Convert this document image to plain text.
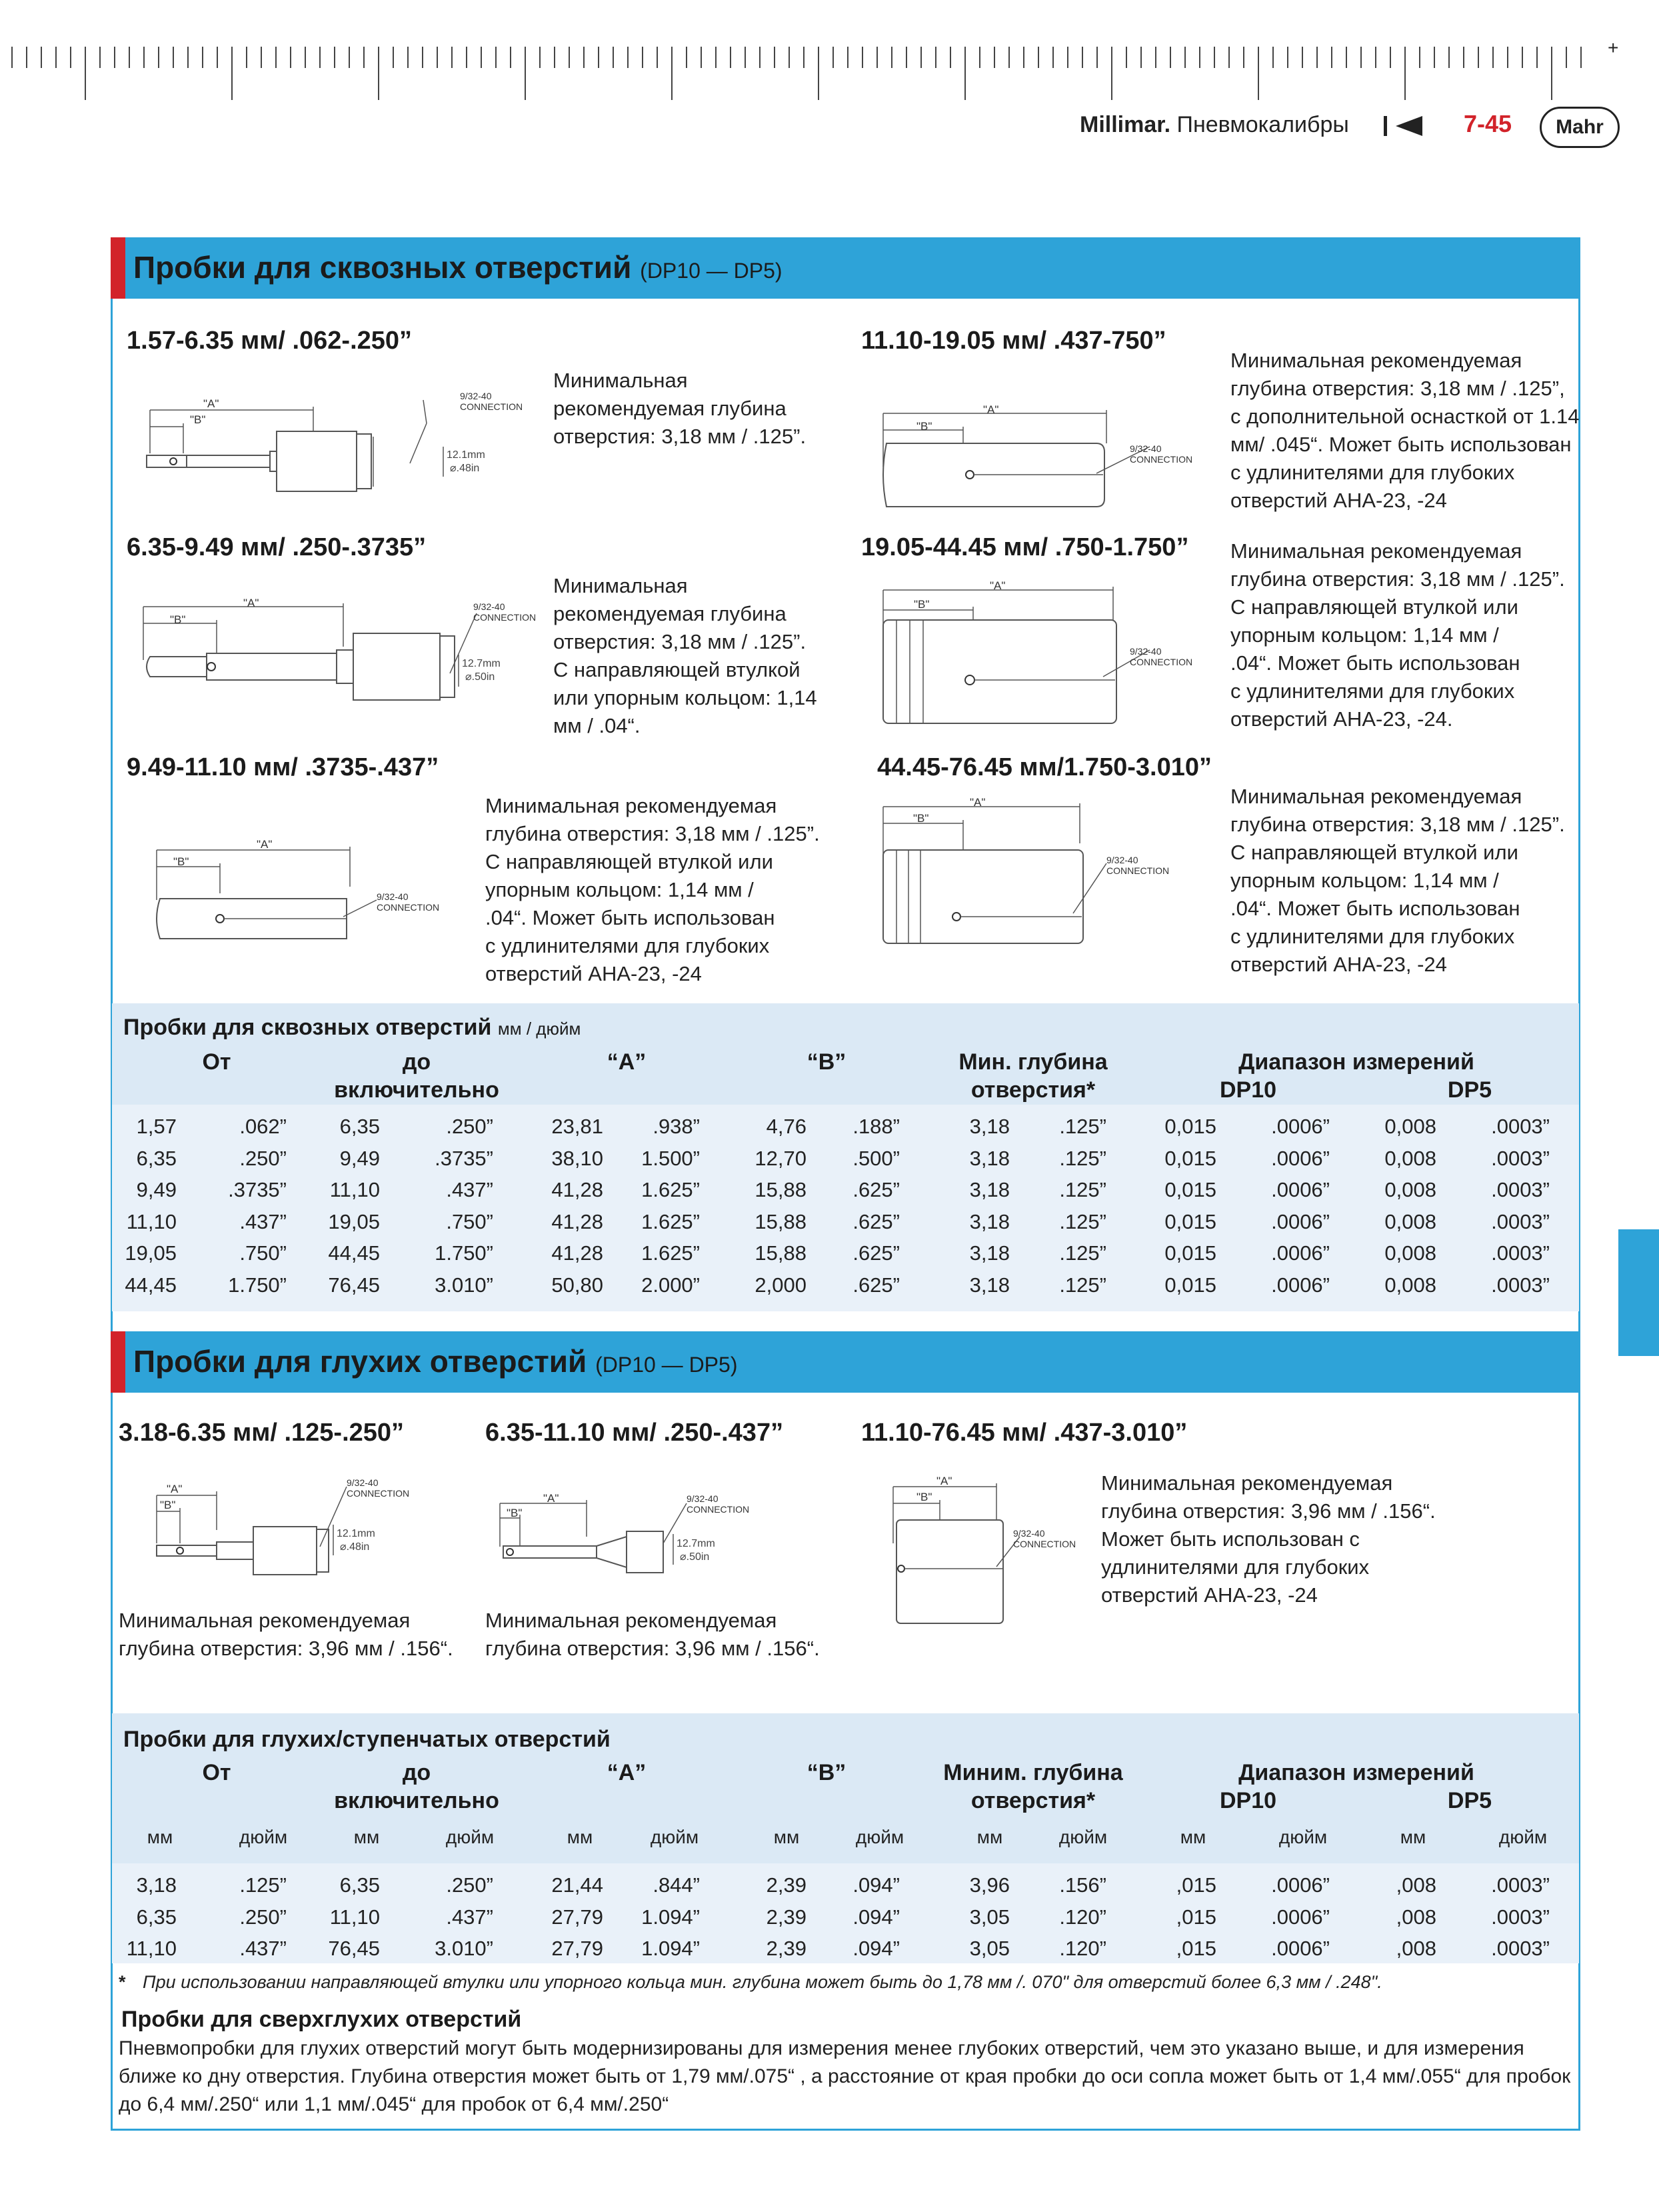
+
Millimar. Пневмокалибры	7-45	Mahr
Пробки для сквозных отверстий (DP10 — DP5)
1.57-6.35 мм/ .062-.250”
Минимальная
рекомендуемая глубина
отверстия: 3,18 мм / .125”.
11.10-19.05 мм/ .437-750”
Минимальная рекомендуемая
глубина отверстия: 3,18 мм / .125”,
с дополнительной оснасткой от 1.14
мм/ .045“. Может быть использован
с удлинителями для глубоких
отверстий АНА-23, -24
6.35-9.49 мм/ .250-.3735”
Минимальная
рекомендуемая глубина
отверстия: 3,18 мм / .125”.
С направляющей втулкой
или упорным кольцом: 1,14
мм / .04“.
19.05-44.45 мм/ .750-1.750” Минимальная рекомендуемая
глубина отверстия: 3,18 мм / .125”.
С направляющей втулкой или
упорным кольцом: 1,14 мм /
.04“. Может быть использован
с удлинителями для глубоких
отверстий АНА-23, -24.
9.49-11.10 мм/ .3735-.437”
Минимальная рекомендуемая
глубина отверстия: 3,18 мм / .125”.
С направляющей втулкой или
упорным кольцом: 1,14 мм /
.04“. Может быть использован
с удлинителями для глубоких
отверстий АНА-23, -24
44.45-76.45 мм/1.750-3.010”
Минимальная рекомендуемая
глубина отверстия: 3,18 мм / .125”.
С направляющей втулкой или
упорным кольцом: 1,14 мм /
.04“. Может быть использован
с удлинителями для глубоких
отверстий АНА-23, -24
"A"
"B"
9/32-40
CONNECTION
12.1mm
⌀.48in
"A"
"B"
9/32-40
CONNECTION
"A"
"B"
9/32-40
CONNECTION
12.7mm
⌀.50in
"A"
"B"
9/32-40
CONNECTION
"A"
"B"
9/32-40
CONNECTION
"A"
"B"
9/32-40
CONNECTION
Пробки для сквозных отверстий мм / дюйм
От	до
включительно
“A”	“B”	Мин. глубина
отверстия*
Диапазон измерений
DP10	DP5
1,57	.062”	6,35	.250”	23,81	.938”	4,76	.188”	3,18	.125”	0,015	.0006”	0,008	.0003”
6,35	.250”	9,49	.3735”	38,10	1.500”	12,70	.500”	3,18	.125”	0,015	.0006”	0,008	.0003”
9,49	.3735”	11,10	.437”	41,28	1.625”	15,88	.625”	3,18	.125”	0,015	.0006”	0,008	.0003”
11,10	.437”	19,05	.750”	41,28	1.625”	15,88	.625”	3,18	.125”	0,015	.0006”	0,008	.0003”
19,05	.750”	44,45	1.750”	41,28	1.625”	15,88	.625”	3,18	.125”	0,015	.0006”	0,008	.0003”
44,45	1.750”	76,45	3.010”	50,80	2.000”	2,000	.625”	3,18	.125”	0,015	.0006”	0,008	.0003”
Пробки для глухих отверстий (DP10 — DP5)
3.18-6.35 мм/ .125-.250”
Минимальная рекомендуемая
глубина отверстия: 3,96 мм / .156“.
6.35-11.10 мм/ .250-.437”
Минимальная рекомендуемая
глубина отверстия: 3,96 мм / .156“.
11.10-76.45 мм/ .437-3.010”
Минимальная рекомендуемая
глубина отверстия: 3,96 мм / .156“.
Может быть использован с
удлинителями для глубоких
отверстий АНА-23, -24
"A"
"B"
9/32-40
CONNECTION
12.1mm
⌀.48in
"A"
"B"
9/32-40
CONNECTION
12.7mm
⌀.50in
"A"
"B"
9/32-40
CONNECTION
Пробки для глухих/ступенчатых отверстий
От	до
включительно
“A”	“B”	Миним. глубина
отверстия*
Диапазон измерений
DP10	DP5
мм	дюйм	мм	дюйм	мм	дюйм	мм	дюйм	мм	дюйм	мм	дюйм	мм	дюйм
3,18	.125”	6,35	.250”	21,44	.844”	2,39	.094”	3,96	.156”	,015	.0006”	,008	.0003”
6,35	.250”	11,10	.437”	27,79	1.094”	2,39	.094”	3,05	.120”	,015	.0006”	,008	.0003”
11,10	.437”	76,45	3.010”	27,79	1.094”	2,39	.094”	3,05	.120”	,015	.0006”	,008	.0003”
* При использовании направляющей втулки или упорного кольца мин. глубина может быть до 1,78 мм /. 070" для отверстий более 6,3 мм / .248".
Пробки для сверхглухих отверстий
Пневмопробки для глухих отверстий могут быть модернизированы для измерения менее глубоких отверстий, чем это указано выше, и для измерения ближе ко дну отверстия. Глубина отверстия может быть от 1,79 мм/.075“ , а расстояние от края пробки до оси сопла может быть от 1,4 мм/.055“ для пробок до 6,4 мм/.250“ или 1,1 мм/.045“ для пробок от 6,4 мм/.250“
